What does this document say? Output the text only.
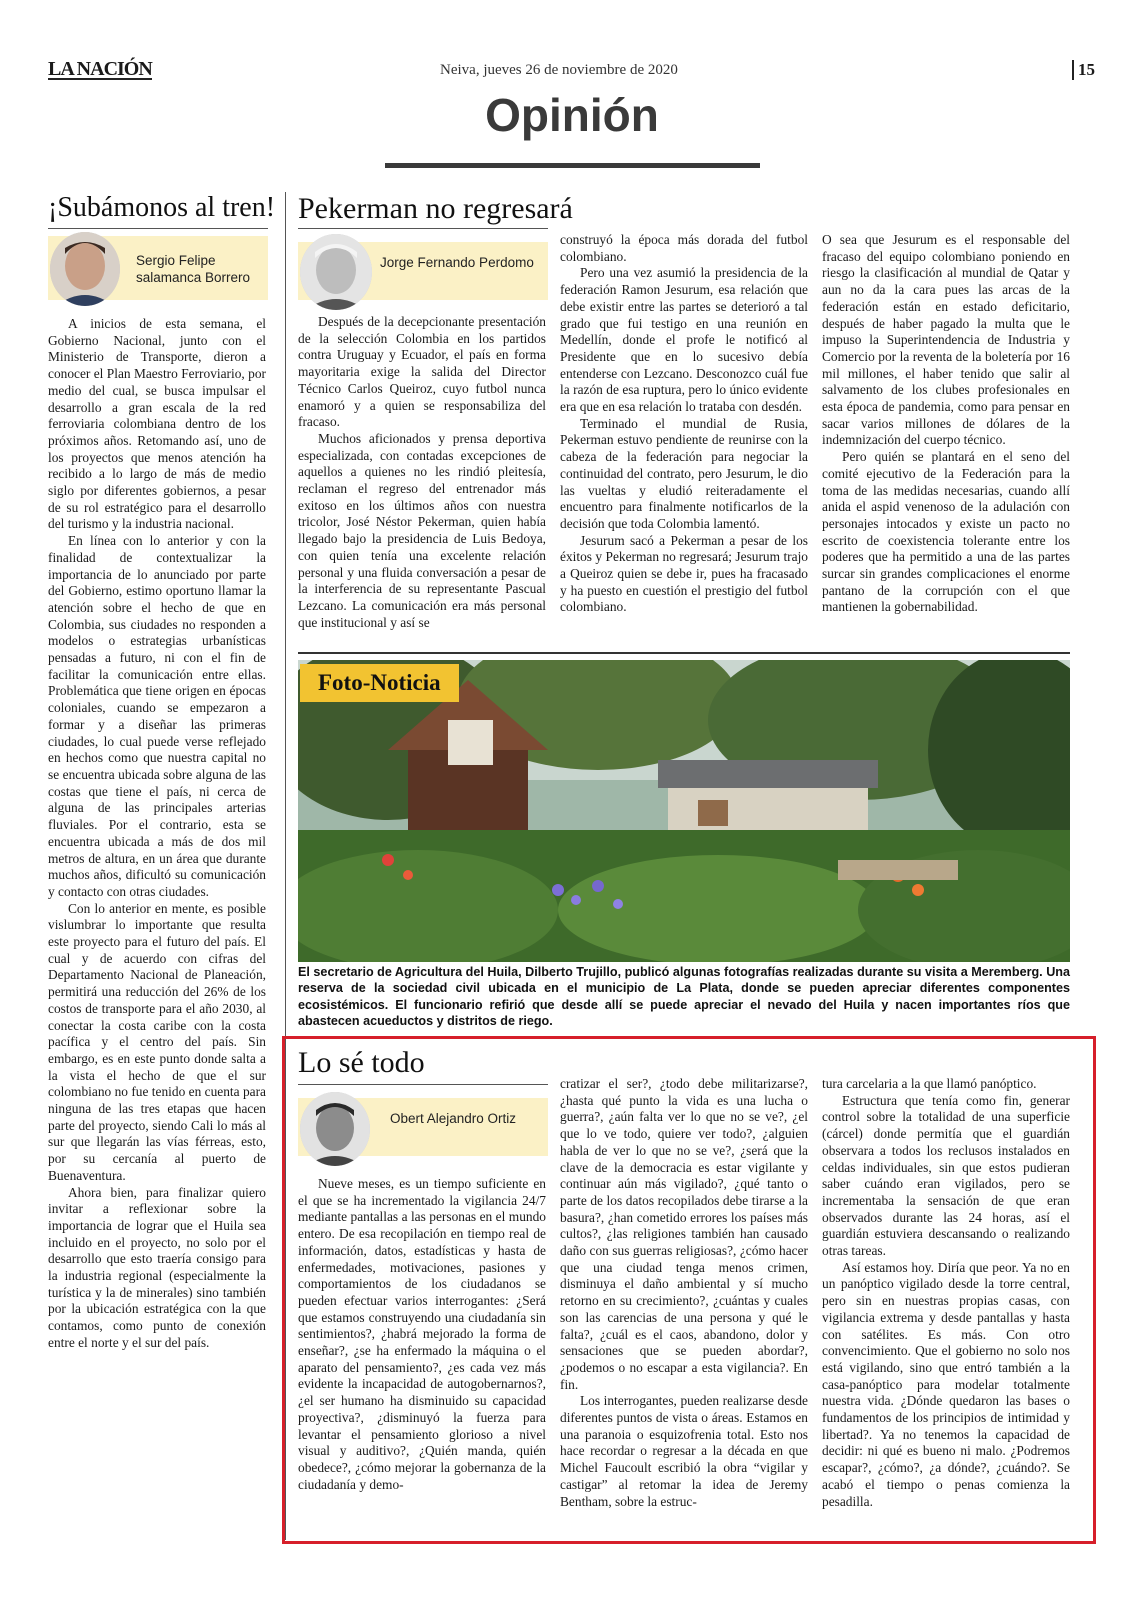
LA NACIÓN	Neiva, jueves 26 de noviembre de 2020	15
Opinión
¡Subámonos al tren!
Sergio Felipe salamanca Borrero

A inicios de esta semana, el Gobierno Nacional, junto con el Ministerio de Transporte, dieron a conocer el Plan Maestro Ferroviario, por medio del cual, se busca impulsar el desarrollo a gran escala de la red ferroviaria colombiana dentro de los próximos años. Retomando así, uno de los proyectos que menos atención ha recibido a lo largo de más de medio siglo por diferentes gobiernos, a pesar de su rol estratégico para el desarrollo del turismo y la industria nacional.

En línea con lo anterior y con la finalidad de contextualizar la importancia de lo anunciado por parte del Gobierno, estimo oportuno llamar la atención sobre el hecho de que en Colombia, sus ciudades no responden a modelos o estrategias urbanísticas pensadas a futuro, ni con el fin de facilitar la comunicación entre ellas. Problemática que tiene origen en épocas coloniales, cuando se empezaron a formar y a diseñar las primeras ciudades, lo cual puede verse reflejado en hechos como que nuestra capital no se encuentra ubicada sobre alguna de las costas que tiene el país, ni cerca de alguna de las principales arterias fluviales. Por el contrario, esta se encuentra ubicada a más de dos mil metros de altura, en un área que durante muchos años, dificultó su comunicación y contacto con otras ciudades.

Con lo anterior en mente, es posible vislumbrar lo importante que resulta este proyecto para el futuro del país. El cual y de acuerdo con cifras del Departamento Nacional de Planeación, permitirá una reducción del 26% de los costos de transporte para el año 2030, al conectar la costa caribe con la costa pacífica y el centro del país. Sin embargo, es en este punto donde salta a la vista el hecho de que el sur colombiano no fue tenido en cuenta para ninguna de las tres etapas que hacen parte del proyecto, siendo Cali lo más al sur que llegarán las vías férreas, esto, por su cercanía al puerto de Buenaventura.

Ahora bien, para finalizar quiero invitar a reflexionar sobre la importancia de lograr que el Huila sea incluido en el proyecto, no solo por el desarrollo que esto traería consigo para la industria regional (especialmente la turística y la de minerales) sino también por la ubicación estratégica con la que contamos, como punto de conexión entre el norte y el sur del país.

Pekerman no regresará
Jorge Fernando Perdomo

Después de la decepcionante presentación de la selección Colombia en los partidos contra Uruguay y Ecuador, el país en forma mayoritaria exige la salida del Director Técnico Carlos Queiroz, cuyo futbol nunca enamoró y a quien se responsabiliza del fracaso.

Muchos aficionados y prensa deportiva especializada, con contadas excepciones de aquellos a quienes no les rindió pleitesía, reclaman el regreso del entrenador más exitoso en los últimos años con nuestra tricolor, José Néstor Pekerman, quien había llegado bajo la presidencia de Luis Bedoya, con quien tenía una excelente relación personal y una fluida conversación a pesar de la interferencia de su representante Pascual Lezcano. La comunicación era más personal que institucional y así se

construyó la época más dorada del futbol colombiano.

Pero una vez asumió la presidencia de la federación Ramon Jesurum, esa relación que debe existir entre las partes se deterioró a tal grado que fui testigo en una reunión en Medellín, donde el profe le notificó al Presidente que en lo sucesivo debía entenderse con Lezcano. Desconozco cuál fue la razón de esa ruptura, pero lo único evidente era que en esa relación lo trataba con desdén.

Terminado el mundial de Rusia, Pekerman estuvo pendiente de reunirse con la cabeza de la federación para negociar la continuidad del contrato, pero Jesurum, le dio las vueltas y eludió reiteradamente el encuentro para finalmente notificarlos de la decisión que toda Colombia lamentó.

Jesurum sacó a Pekerman a pesar de los éxitos y Pekerman no regresará; Jesurum trajo a Queiroz quien se debe ir, pues ha fracasado y ha puesto en cuestión el prestigio del futbol colombiano.

O sea que Jesurum es el responsable del fracaso del equipo colombiano poniendo en riesgo la clasificación al mundial de Qatar y aun no da la cara pues las arcas de la federación están en estado deficitario, después de haber pagado la multa que le impuso la Superintendencia de Industria y Comercio por la reventa de la boletería por 16 mil millones, el haber tenido que salir al salvamento de los clubes profesionales en esta época de pandemia, como para pensar en sacar varios millones de dólares de la indemnización del cuerpo técnico.

Pero quién se plantará en el seno del comité ejecutivo de la Federación para la toma de las medidas necesarias, cuando allí anida el aspid venenoso de la adulación con personajes intocados y existe un pacto no escrito de coexistencia tolerante entre los poderes que ha permitido a una de las partes surcar sin grandes complicaciones el enorme pantano de la corrupción con el que mantienen la gobernabilidad.

Foto-Noticia
El secretario de Agricultura del Huila, Dilberto Trujillo, publicó algunas fotografías realizadas durante su visita a Meremberg. Una reserva de la sociedad civil ubicada en el municipio de La Plata, donde se pueden apreciar diferentes componentes ecosistémicos. El funcionario refirió que desde allí se puede apreciar el nevado del Huila y nacen importantes ríos que abastecen acueductos y distritos de riego.
Lo sé todo
Obert Alejandro Ortiz

Nueve meses, es un tiempo suficiente en el que se ha incrementado la vigilancia 24/7 mediante pantallas a las personas en el mundo entero. De esa recopilación en tiempo real de información, datos, estadísticas y hasta de enfermedades, motivaciones, pasiones y comportamientos de los ciudadanos se pueden efectuar varios interrogantes: ¿Será que estamos construyendo una ciudadanía sin sentimientos?, ¿habrá mejorado la forma de enseñar?, ¿se ha enfermado la máquina o el aparato del pensamiento?, ¿es cada vez más evidente la incapacidad de autogobernarnos?, ¿el ser humano ha disminuido su capacidad proyectiva?, ¿disminuyó la fuerza para levantar el pensamiento glorioso a nivel visual y auditivo?, ¿Quién manda, quién obedece?, ¿cómo mejorar la gobernanza de la ciudadanía y demo-

cratizar el ser?, ¿todo debe militarizarse?, ¿hasta qué punto la vida es una lucha o guerra?, ¿aún falta ver lo que no se ve?, ¿el que lo ve todo, quiere ver todo?, ¿alguien habla de ver lo que no se ve?, ¿será que la clave de la democracia es estar vigilante y continuar aún más vigilado?, ¿qué tanto o parte de los datos recopilados debe tirarse a la basura?, ¿han cometido errores los países más cultos?, ¿las religiones también han causado daño con sus guerras religiosas?, ¿cómo hacer que una ciudad tenga menos crimen, disminuya el daño ambiental y sí mucho retorno en su crecimiento?, ¿cuántas y cuales son las carencias de una persona y qué le falta?, ¿cuál es el caos, abandono, dolor y sensaciones que se pueden abordar?, ¿podemos o no escapar a esta vigilancia?. En fin.

Los interrogantes, pueden realizarse desde diferentes puntos de vista o áreas. Estamos en una paranoia o esquizofrenia total. Esto nos hace recordar o regresar a la década en que Michel Faucoult escribió la obra “vigilar y castigar” al retomar la idea de Jeremy Bentham, sobre la estruc-

tura carcelaria a la que llamó panóptico.

Estructura que tenía como fin, generar control sobre la totalidad de una superficie (cárcel) donde permitía que el guardián observara a todos los reclusos instalados en celdas individuales, sin que estos pudieran saber cuándo eran vigilados, pero se incrementaba la sensación de que eran observados durante las 24 horas, así el guardián estuviera descansando o realizando otras tareas.

Así estamos hoy. Diría que peor. Ya no en un panóptico vigilado desde la torre central, pero sin en nuestras propias casas, con vigilancia extrema y desde pantallas y hasta con satélites. Es más. Con otro convencimiento. Que el gobierno no solo nos está vigilando, sino que entró también a la casa-panóptico para modelar totalmente nuestra vida. ¿Dónde quedaron las bases o fundamentos de los principios de intimidad y libertad?. Ya no tenemos la capacidad de decidir: ni qué es bueno ni malo. ¿Podremos escapar?, ¿cómo?, ¿a dónde?, ¿cuándo?. Se acabó el tiempo o penas comienza la pesadilla.
